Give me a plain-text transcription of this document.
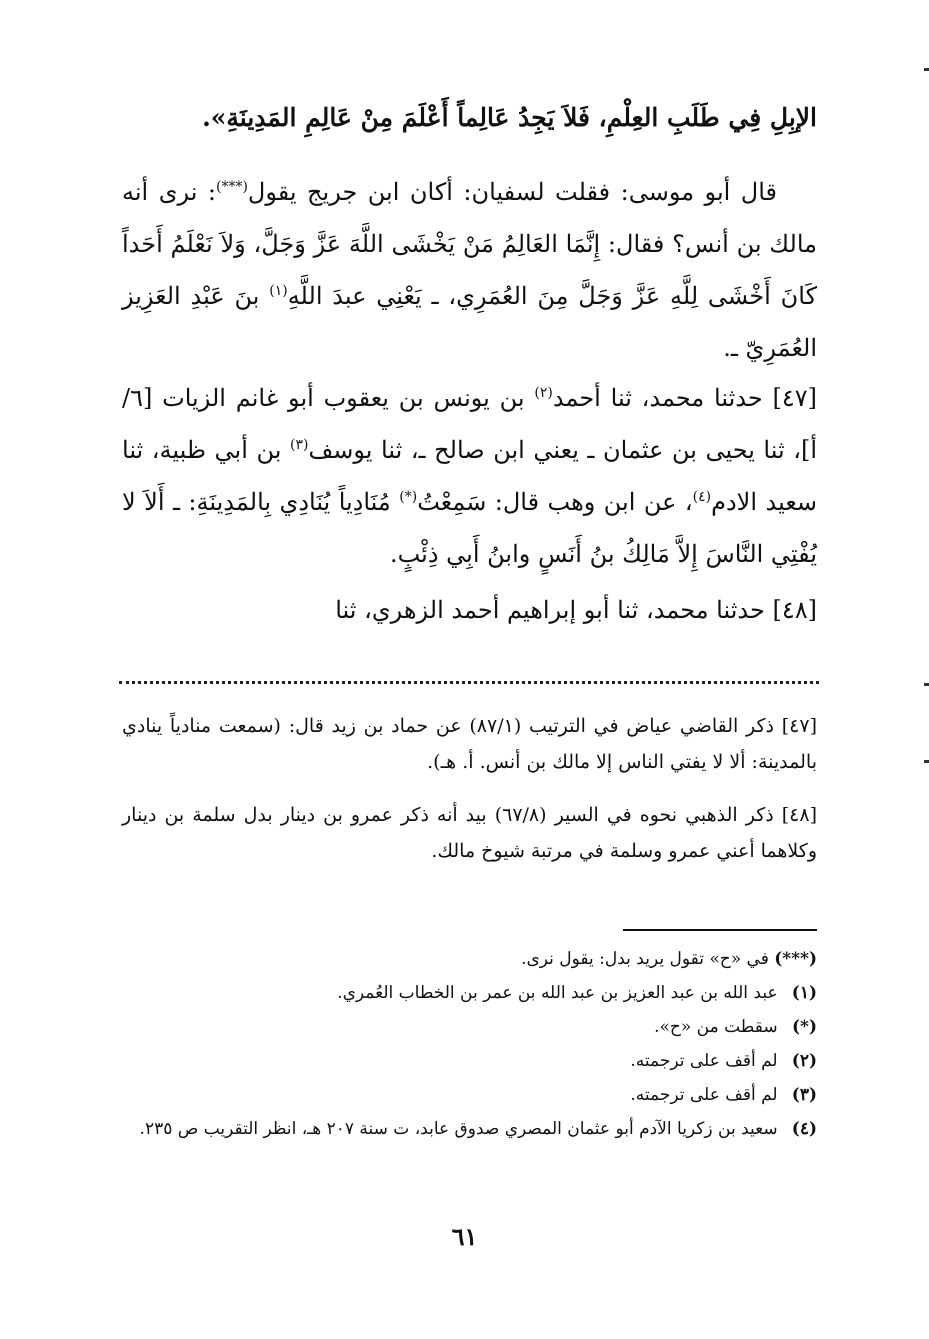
الإبِلِ فِي طَلَبِ العِلْمِ، فَلاَ يَجِدُ عَالِماً أَعْلَمَ مِنْ عَالِمِ المَدِينَةِ».

قال أبو موسى: فقلت لسفيان: أكان ابن جريج يقول(***): نرى أنه مالك بن أنس؟ فقال: إِنَّمَا العَالِمُ مَنْ يَخْشَى اللَّهَ عَزَّ وَجَلَّ، وَلاَ نَعْلَمُ أَحَداً كَانَ أَخْشَى لِلَّهِ عَزَّ وَجَلَّ مِنَ العُمَرِي، ـ يَعْنِي عبدَ اللَّهِ$^{(١)}$ بنَ عَبْدِ العَزِيز العُمَرِيّ ـ.

[٤٧] حدثنا محمد، ثنا أحمد$^{(٢)}$ بن يونس بن يعقوب أبو غانم الزيات [٦/ أ]، ثنا يحيى بن عثمان ـ يعني ابن صالح ـ، ثنا يوسف$^{(٣)}$ بن أبي ظبية، ثنا سعيد الادم$^{(٤)}$، عن ابن وهب قال: سَمِعْتُ(*) مُنَادِياً يُنَادِي بِالمَدِينَةِ: ـ أَلاَ لا يُفْتِي النَّاسَ إِلاَّ مَالِكُ بنُ أَنَسٍ وابنُ أَبِي ذِئْبٍ.

[٤٨] حدثنا محمد، ثنا أبو إبراهيم أحمد الزهري، ثنا

[٤٧] ذكر القاضي عياض في الترتيب (٨٧/١) عن حماد بن زيد قال: (سمعت منادياً ينادي بالمدينة: ألا لا يفتي الناس إلا مالك بن أنس. أ. هـ).

[٤٨] ذكر الذهبي نحوه في السير (٦٧/٨) بيد أنه ذكر عمرو بن دينار بدل سلمة بن دينار وكلاهما أعني عمرو وسلمة في مرتبة شيوخ مالك.

(***) في «ح» تقول يريد بدل: يقول نرى.
(١) عبد الله بن عبد العزيز بن عبد الله بن عمر بن الخطاب العُمري.
(*) سقطت من «ح».
(٢) لم أقف على ترجمته.
(٣) لم أقف على ترجمته.
(٤) سعيد بن زكريا الآدم أبو عثمان المصري صدوق عابد، ت سنة ٢٠٧ هـ، انظر التقريب ص ٢٣٥.
٦١
